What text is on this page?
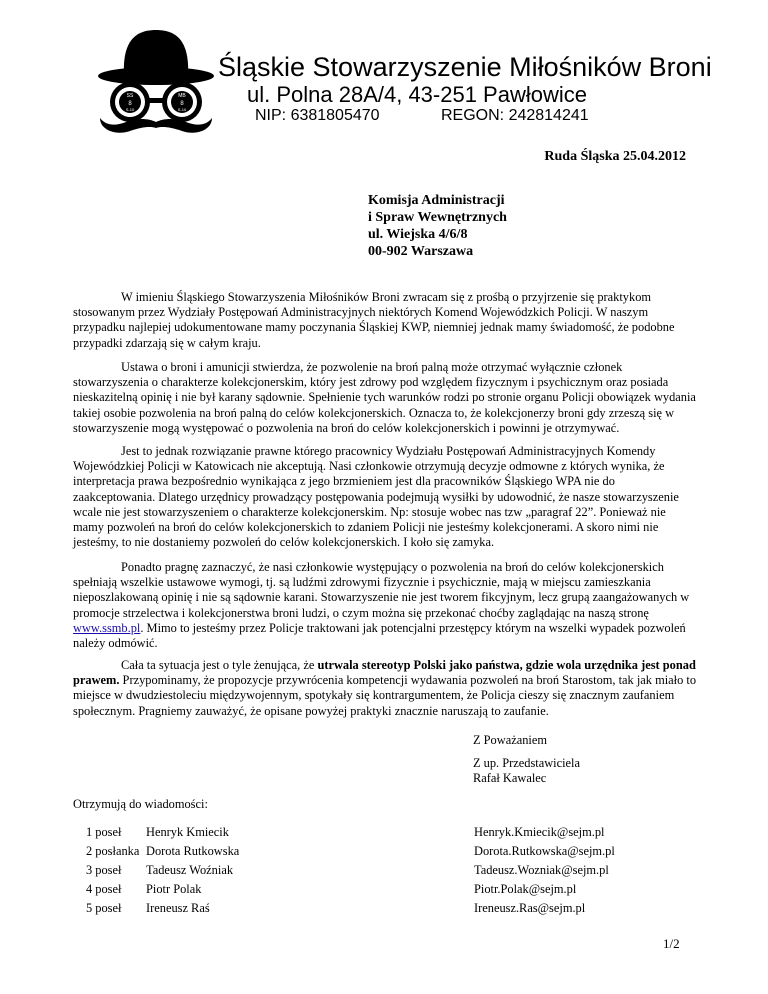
SS
8
S-10
MB
8
S-10
Śląskie Stowarzyszenie Miłośników Broni
ul. Polna 28A/4, 43-251 Pawłowice
NIP: 6381805470	REGON: 242814241
Ruda Śląska 25.04.2012
Komisja Administracji
i Spraw Wewnętrznych
ul. Wiejska 4/6/8
00-902 Warszawa
W imieniu Śląskiego Stowarzyszenia Miłośników Broni zwracam się z prośbą o przyjrzenie się praktykom stosowanym przez Wydziały Postępowań Administracyjnych niektórych Komend Wojewódzkich Policji. W naszym przypadku najlepiej udokumentowane mamy poczynania Śląskiej KWP, niemniej jednak mamy świadomość, że podobne przypadki zdarzają się w całym kraju.
Ustawa o broni i amunicji stwierdza, że pozwolenie na broń palną może otrzymać wyłącznie członek stowarzyszenia o charakterze kolekcjonerskim, który jest zdrowy pod względem fizycznym i psychicznym oraz posiada nieskazitelną opinię i nie był karany sądownie. Spełnienie tych warunków rodzi po stronie organu Policji obowiązek wydania takiej osobie pozwolenia na broń palną do celów kolekcjonerskich. Oznacza to, że kolekcjonerzy broni gdy zrzeszą się w stowarzyszenie mogą występować o pozwolenia na broń do celów kolekcjonerskich i powinni je otrzymywać.
Jest to jednak rozwiązanie prawne którego pracownicy Wydziału Postępowań Administracyjnych Komendy Wojewódzkiej Policji w Katowicach nie akceptują. Nasi członkowie otrzymują decyzje odmowne z których wynika, że interpretacja prawa bezpośrednio wynikająca z jego brzmieniem jest dla pracowników Śląskiego WPA nie do zaakceptowania. Dlatego urzędnicy prowadzący postępowania podejmują wysiłki by udowodnić, że nasze stowarzyszenie wcale nie jest stowarzyszeniem o charakterze kolekcjonerskim. Np: stosuje wobec nas tzw „paragraf 22”. Ponieważ nie mamy pozwoleń na broń do celów kolekcjonerskich to zdaniem Policji nie jesteśmy kolekcjonerami. A skoro nimi nie jesteśmy, to nie dostaniemy pozwoleń do celów kolekcjonerskich. I koło się zamyka.
Ponadto pragnę zaznaczyć, że nasi członkowie występujący o pozwolenia na broń do celów kolekcjonerskich spełniają wszelkie ustawowe wymogi, tj. są ludźmi zdrowymi fizycznie i psychicznie, mają w miejscu zamieszkania nieposzlakowaną opinię i nie są sądownie karani. Stowarzyszenie nie jest tworem fikcyjnym, lecz grupą zaangażowanych w promocje strzelectwa i kolekcjonerstwa broni ludzi, o czym można się przekonać choćby zaglądając na naszą stronę www.ssmb.pl. Mimo to jesteśmy przez Policje traktowani jak potencjalni przestępcy którym na wszelki wypadek pozwoleń należy odmówić.
Cała ta sytuacja jest o tyle żenująca, że utrwala stereotyp Polski jako państwa, gdzie wola urzędnika jest ponad prawem. Przypominamy, że propozycje przywrócenia kompetencji wydawania pozwoleń na broń Starostom, tak jak miało to miejsce w dwudziestoleciu międzywojennym, spotykały się kontrargumentem, że Policja cieszy się znacznym zaufaniem społecznym. Pragniemy zauważyć, że opisane powyżej praktyki znacznie naruszają to zaufanie.
Z Poważaniem
Z up. Przedstawiciela
Rafał Kawalec
Otrzymują do wiadomości:
1 poseł	Henryk Kmiecik	Henryk.Kmiecik@sejm.pl
2 posłanka	Dorota Rutkowska	Dorota.Rutkowska@sejm.pl
3 poseł	Tadeusz Woźniak	Tadeusz.Wozniak@sejm.pl
4 poseł	Piotr Polak	Piotr.Polak@sejm.pl
5 poseł	Ireneusz Raś	Ireneusz.Ras@sejm.pl
1/2
